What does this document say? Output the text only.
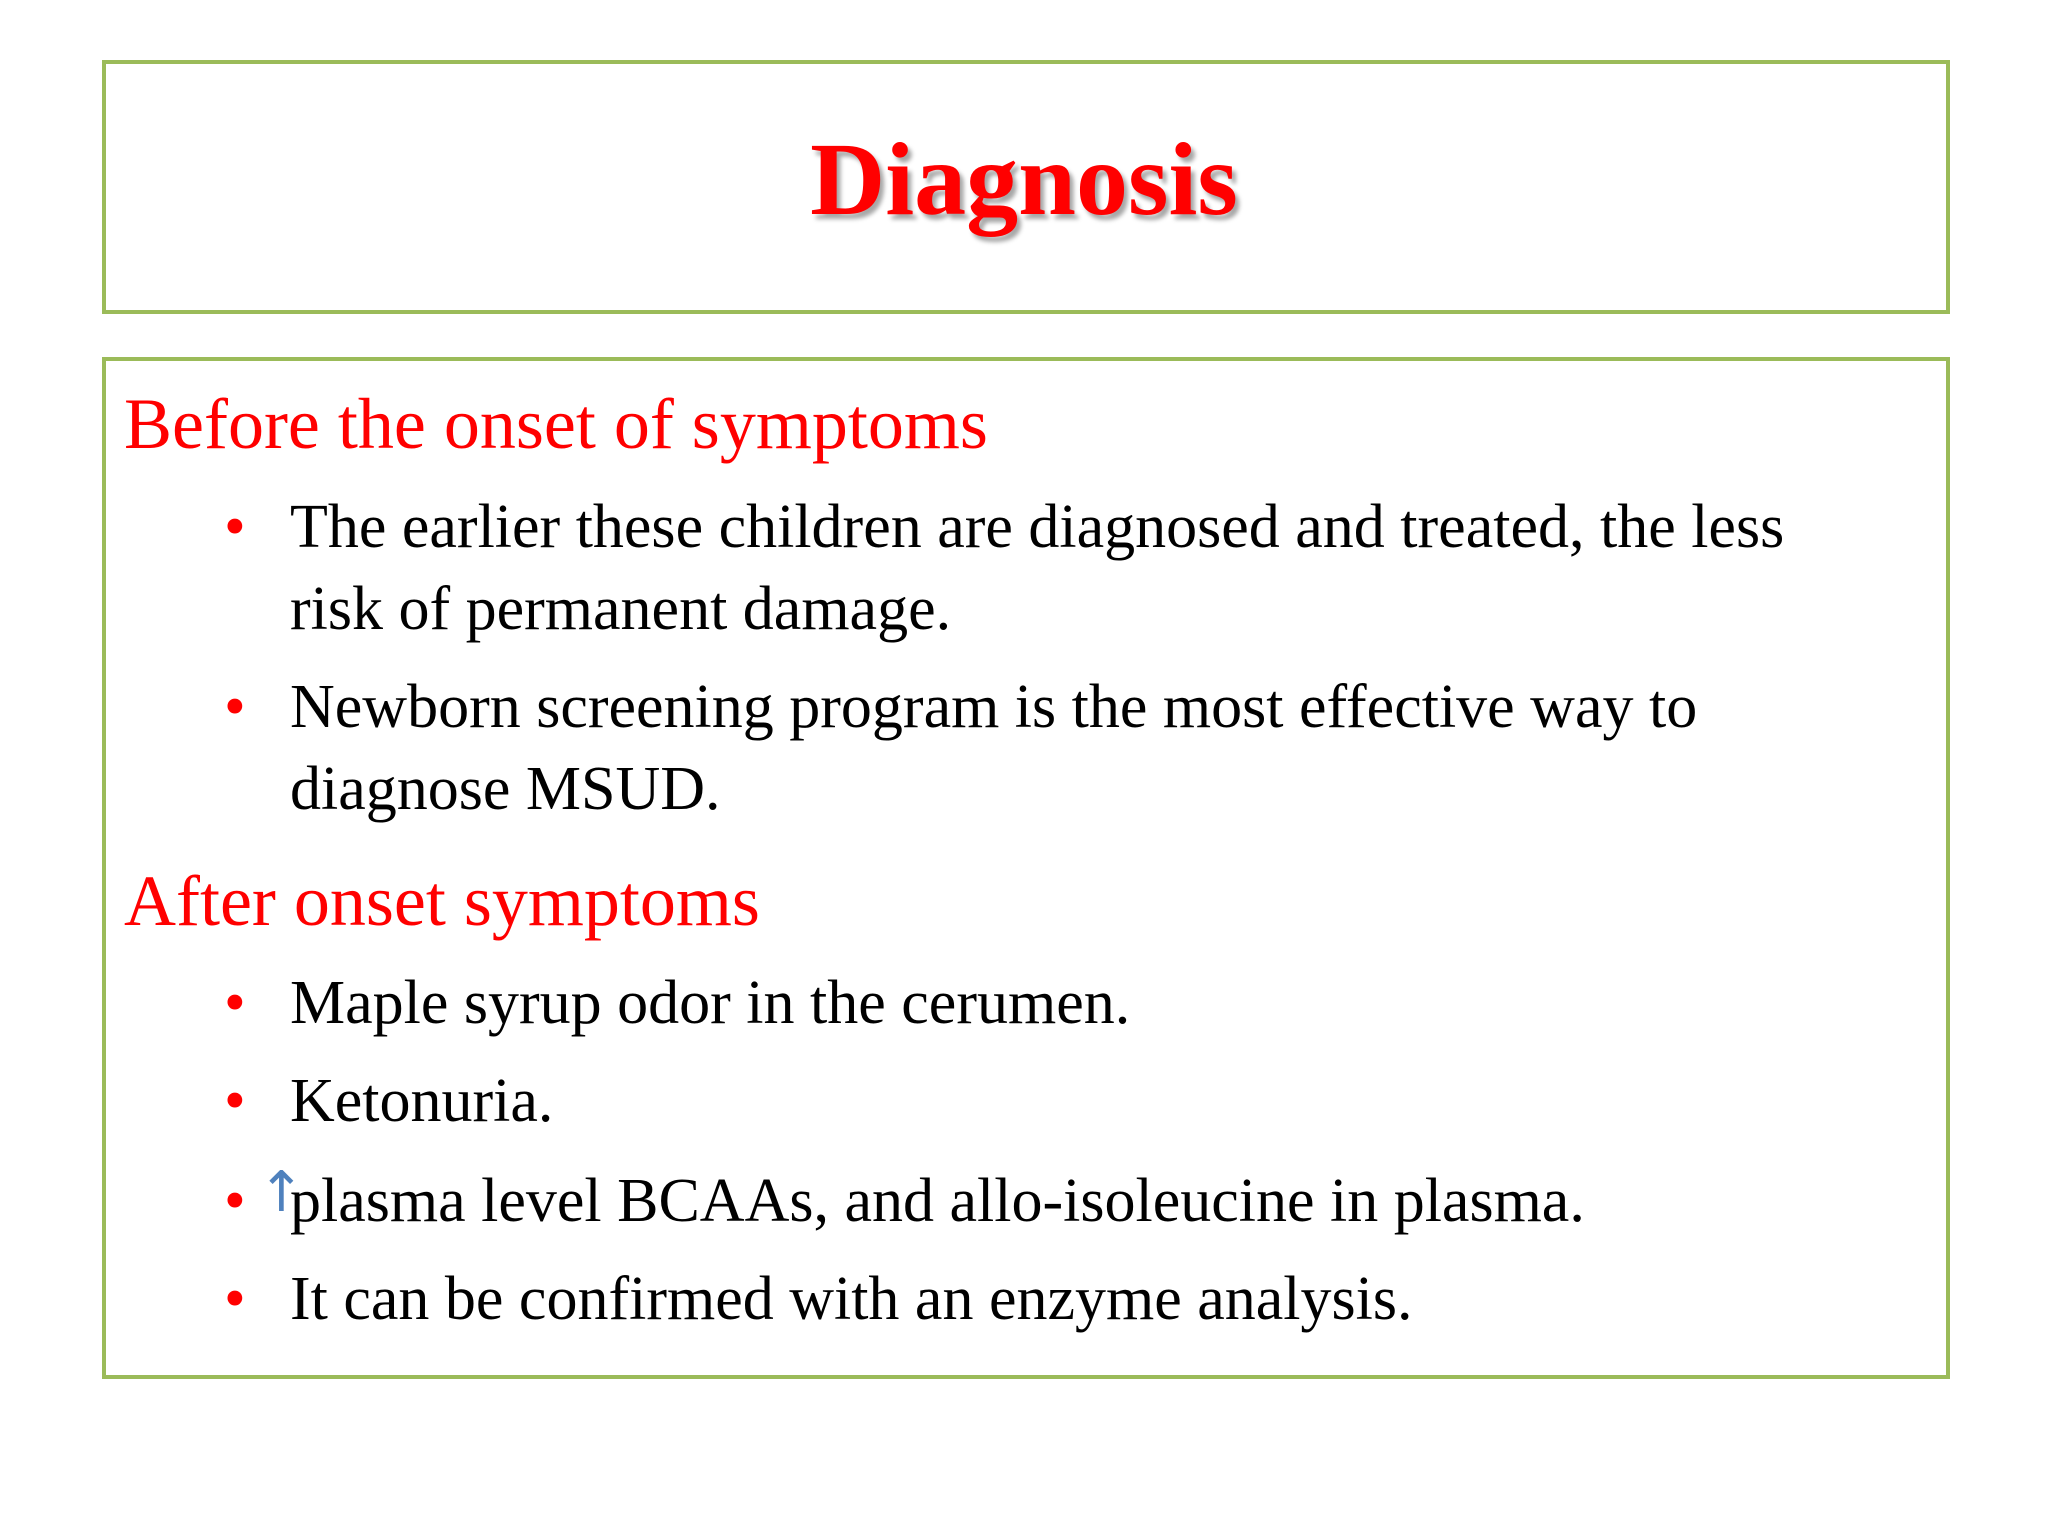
Diagnosis
Before the onset of symptoms
• The earlier these children are diagnosed and treated, the less risk of permanent damage.
• Newborn screening program is the most effective way to diagnose MSUD.
After onset symptoms
• Maple syrup odor in the cerumen.
• Ketonuria.
• ↑
plasma level BCAAs, and allo-isoleucine in plasma.
• It can be confirmed with an enzyme analysis.
